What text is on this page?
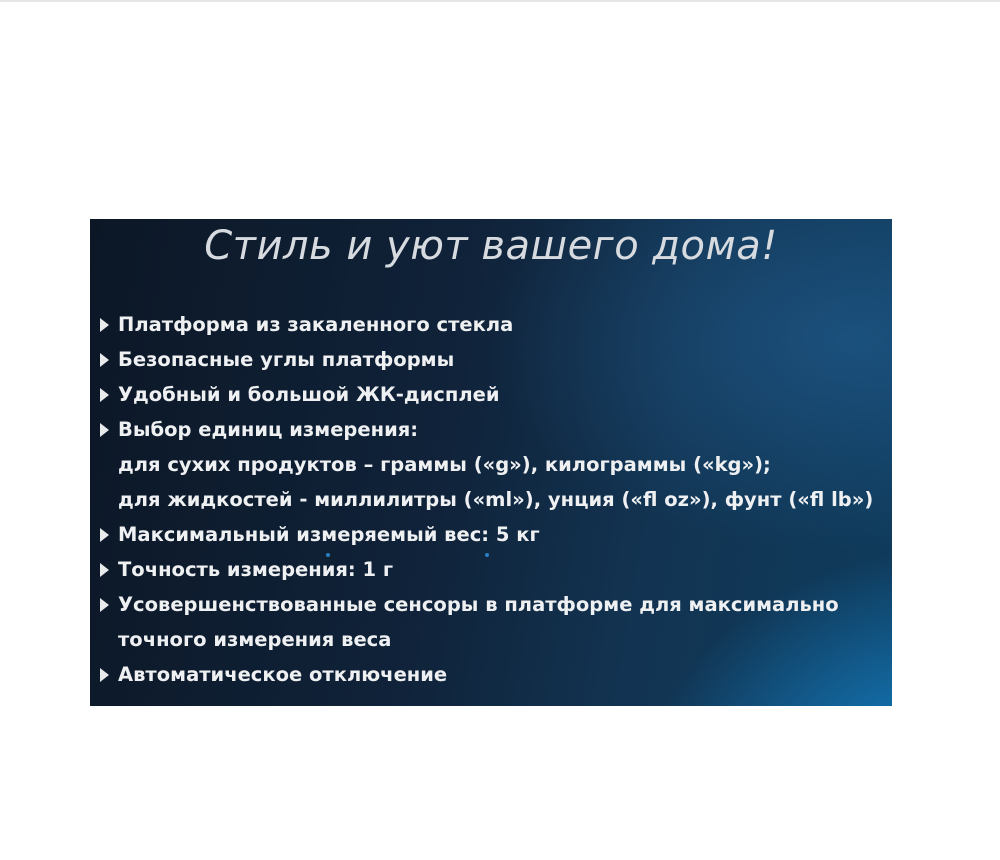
Стиль и уют вашего дома!
Платформа из закаленного стекла
Безопасные углы платформы
Удобный и большой ЖК-дисплей
Выбор единиц измерения:
для сухих продуктов – граммы («g»), килограммы («kg»);
для жидкостей - миллилитры («ml»), унция («fl oz»), фунт («fl lb»)
Максимальный измеряемый вес: 5 кг
Точность измерения: 1 г
Усовершенствованные сенсоры в платформе для максимально
точного измерения веса
Автоматическое отключение
